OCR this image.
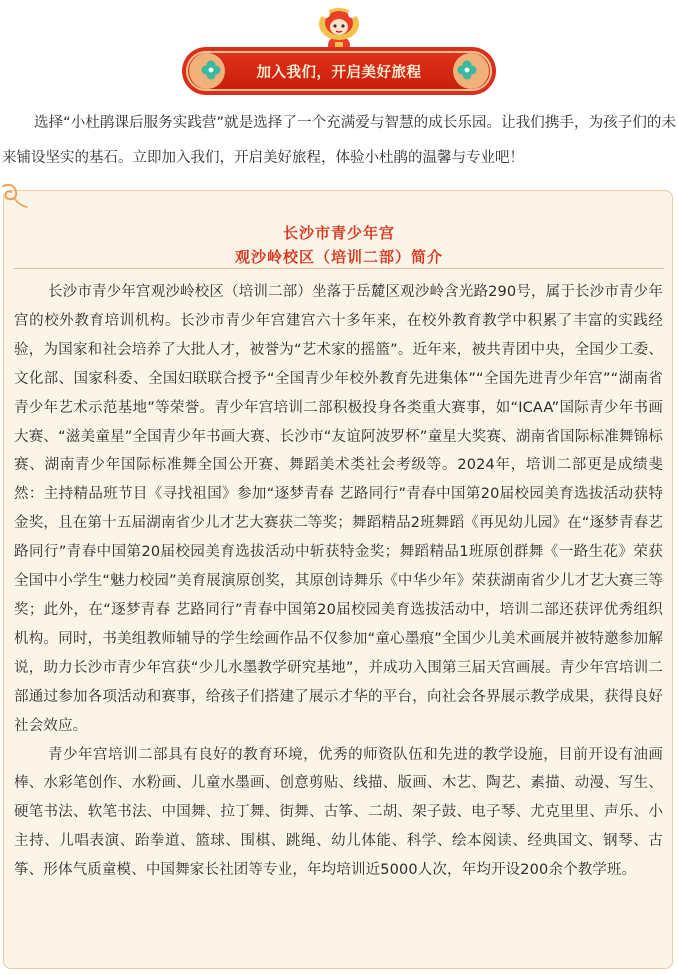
加入我们，开启美好旅程
选择“小杜鹃课后服务实践营”就是选择了一个充满爱与智慧的成长乐园。让我们携手，为孩子们的未来铺设坚实的基石。立即加入我们，开启美好旅程，体验小杜鹃的温馨与专业吧！
长沙市青少年宫
观沙岭校区（培训二部）简介

长沙市青少年宫观沙岭校区（培训二部）坐落于岳麓区观沙岭含光路290号，属于长沙市青少年宫的校外教育培训机构。长沙市青少年宫建宫六十多年来，在校外教育教学中积累了丰富的实践经验，为国家和社会培养了大批人才，被誉为“艺术家的摇篮”。近年来，被共青团中央，全国少工委、文化部、国家科委、全国妇联联合授予“全国青少年校外教育先进集体”“全国先进青少年宫”“湖南省青少年艺术示范基地”等荣誉。青少年宫培训二部积极投身各类重大赛事，如“ICAA”国际青少年书画大赛、“滋美童星”全国青少年书画大赛、长沙市“友谊阿波罗杯”童星大奖赛、湖南省国际标准舞锦标赛、湖南青少年国际标准舞全国公开赛、舞蹈美术类社会考级等。2024年，培训二部更是成绩斐然：主持精品班节目《寻找祖国》参加“逐梦青春 艺路同行”青春中国第20届校园美育选拔活动获特金奖，且在第十五届湖南省少儿才艺大赛获二等奖；舞蹈精品2班舞蹈《再见幼儿园》在“逐梦青春艺路同行”青春中国第20届校园美育选拔活动中斩获特金奖；舞蹈精品1班原创群舞《一路生花》荣获全国中小学生“魅力校园”美育展演原创奖，其原创诗舞乐《中华少年》荣获湖南省少儿才艺大赛三等奖；此外，在“逐梦青春 艺路同行”青春中国第20届校园美育选拔活动中，培训二部还获评优秀组织机构。同时，书美组教师辅导的学生绘画作品不仅参加“童心墨痕”全国少儿美术画展并被特邀参加解说，助力长沙市青少年宫获“少儿水墨教学研究基地”，并成功入围第三届天宫画展。青少年宫培训二部通过参加各项活动和赛事，给孩子们搭建了展示才华的平台，向社会各界展示教学成果，获得良好社会效应。

青少年宫培训二部具有良好的教育环境，优秀的师资队伍和先进的教学设施，目前开设有油画棒、水彩笔创作、水粉画、儿童水墨画、创意剪贴、线描、版画、木艺、陶艺、素描、动漫、写生、硬笔书法、软笔书法、中国舞、拉丁舞、街舞、古筝、二胡、架子鼓、电子琴、尤克里里、声乐、小主持、儿唱表演、跆拳道、篮球、围棋、跳绳、幼儿体能、科学、绘本阅读、经典国文、钢琴、古筝、形体气质童模、中国舞家长社团等专业，年均培训近5000人次，年均开设200余个教学班。
